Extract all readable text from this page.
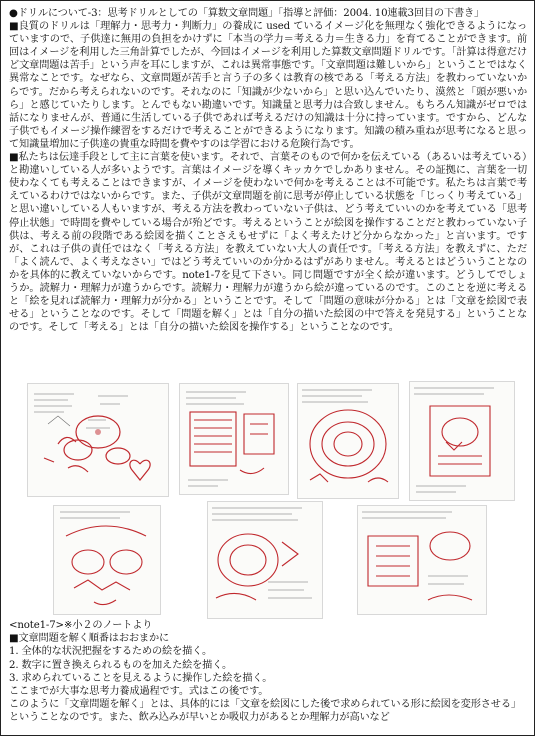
●ドリルについて-3：思考ドリルとしての「算数文章問題」「指導と評価：2004. 10連載3回目の下書き」

■良質のドリルは「理解力・思考力・判断力」の養成に used ているイメージ化を無理なく強化できるようになっていますので、子供達に無用の負担をかけずに「本当の学力＝考える力＝生きる力」を育てることができます。前回はイメージを利用した三角計算でしたが、今回はイメージを利用した算数文章問題ドリルです。「計算は得意だけど文章問題は苦手」という声を耳にしますが、これは異常事態です。「文章問題は難しいから」ということではなく異常なことです。なぜなら、文章問題が苦手と言う子の多くは教育の核である「考える方法」を教わっていないからです。だから考えられないのです。それなのに「知識が少ないから」と思い込んでいたり、漠然と「頭が悪いから」と感じていたりします。とんでもない勘違いです。知識量と思考力は合致しません。もちろん知識がゼロでは話になりませんが、普通に生活している子供であれば考えるだけの知識は十分に持っています。ですから、どんな子供でもイメージ操作練習をするだけで考えることができるようになります。知識の積み重ねが思考になると思って知識量増加に子供達の貴重な時間を費やすのは学習における危険行為です。

■私たちは伝達手段として主に言葉を使います。それで、言葉そのもので何かを伝えている（あるいは考えている）と勘違いしている人が多いようです。言葉はイメージを導くキッカケでしかありません。その証拠に、言葉を一切使わなくても考えることはできますが、イメージを使わないで何かを考えることは不可能です。私たちは言葉で考えているわけではないからです。また、子供が文章問題を前に思考が停止している状態を「じっくり考えている」と思い違いしている人もいますが、考える方法を教わっていない子供は、どう考えていいのかを考えている「思考停止状態」で時間を費やしている場合が殆どです。考えるということが絵図を操作することだと教わっていない子供は、考える前の段階である絵図を描くことさえもせずに「よく考えたけど分からなかった」と言います。ですが、これは子供の責任ではなく「考える方法」を教えていない大人の責任です。「考える方法」を教えずに、ただ「よく読んで、よく考えなさい」ではどう考えていいのか分かるはずがありません。考えるとはどういうことなのかを具体的に教えていないからです。note1-7を見て下さい。同じ問題ですが全く絵が違います。どうしてでしょうか。読解力・理解力が違うからです。読解力・理解力が違うから絵が違っているのです。このことを逆に考えると「絵を見れば読解力・理解力が分かる」ということです。そして「問題の意味が分かる」とは「文章を絵図で表せる」ということなのです。そして「問題を解く」とは「自分の描いた絵図の中で答えを発見する」ということなのです。そして「考える」とは「自分の描いた絵図を操作する」ということなのです。

<note1-7>※小２のノートより

■文章問題を解く順番はおおまかに

1. 全体的な状況把握をするための絵を描く。

2. 数字に置き換えられるものを加えた絵を描く。

3. 求められていることを見えるように操作した絵を描く。

ここまでが大事な思考力養成過程です。式はこの後です。

このように「文章問題を解く」とは、具体的には「文章を絵図にした後で求められている形に絵図を変形させる」ということなのです。また、飲み込みが早いとか吸収力があるとか理解力が高いなど
